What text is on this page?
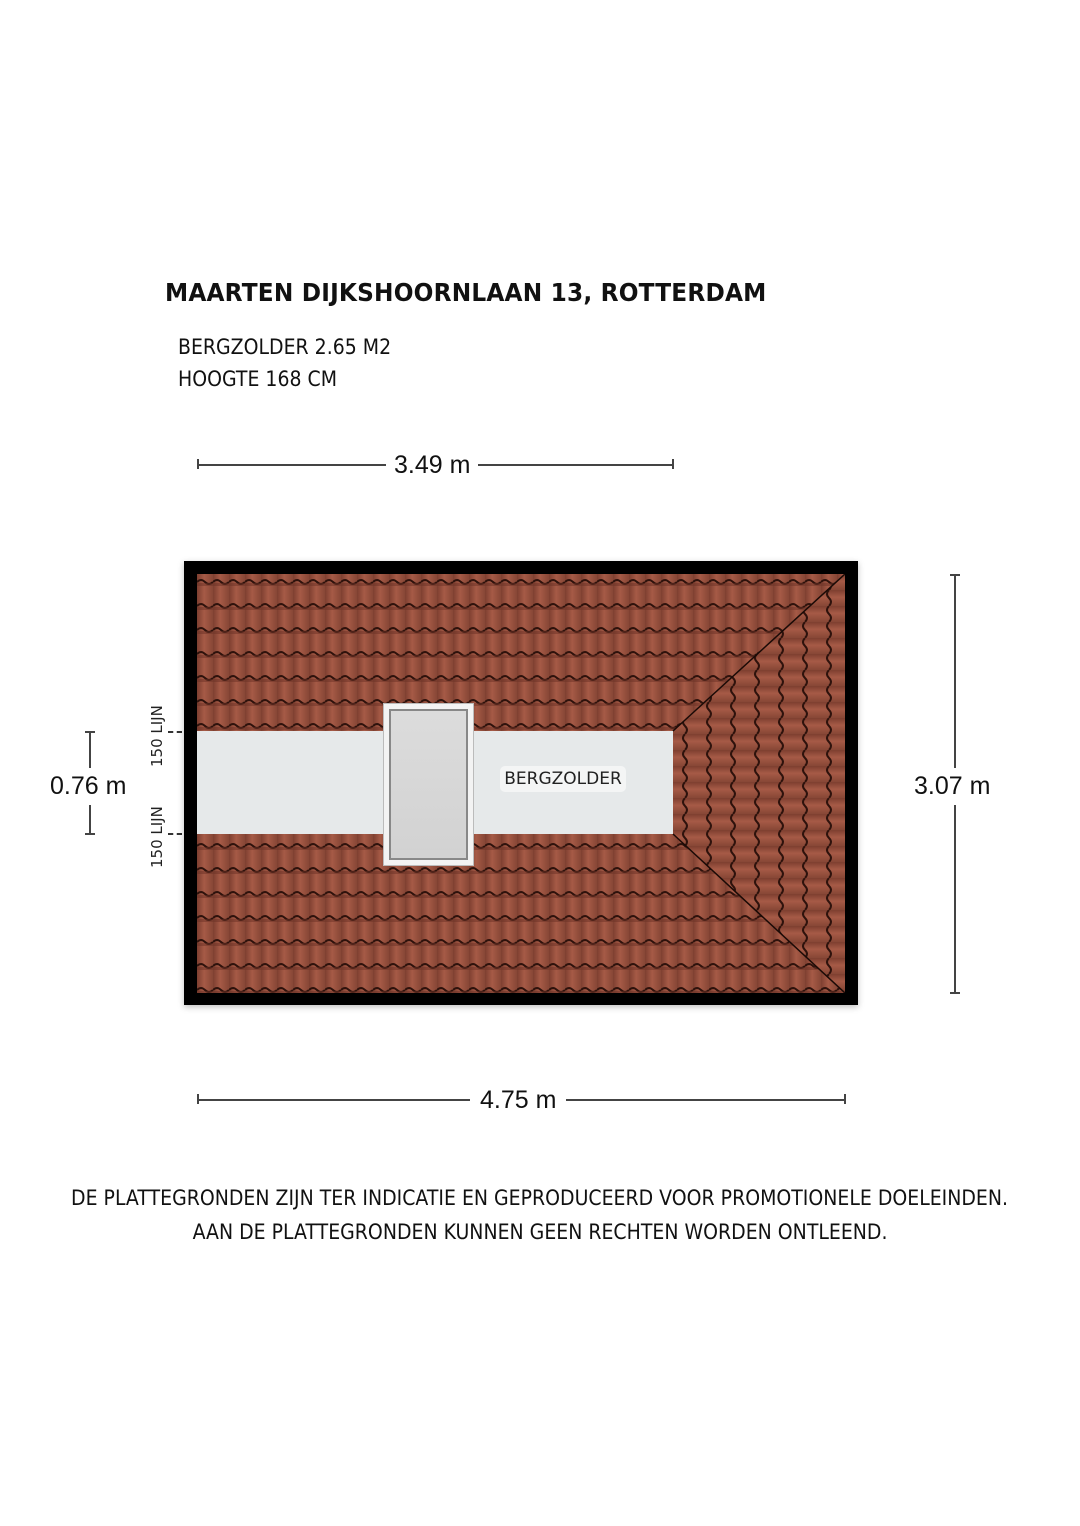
MAARTEN DIJKSHOORNLAAN 13, ROTTERDAM
BERGZOLDER 2.65 M2
HOOGTE 168 CM
3.49 m
3.07 m
0.76 m
150 LIJN
150 LIJN
BERGZOLDER
4.75 m
DE PLATTEGRONDEN ZIJN TER INDICATIE EN GEPRODUCEERD VOOR PROMOTIONELE DOELEINDEN.
AAN DE PLATTEGRONDEN KUNNEN GEEN RECHTEN WORDEN ONTLEEND.
